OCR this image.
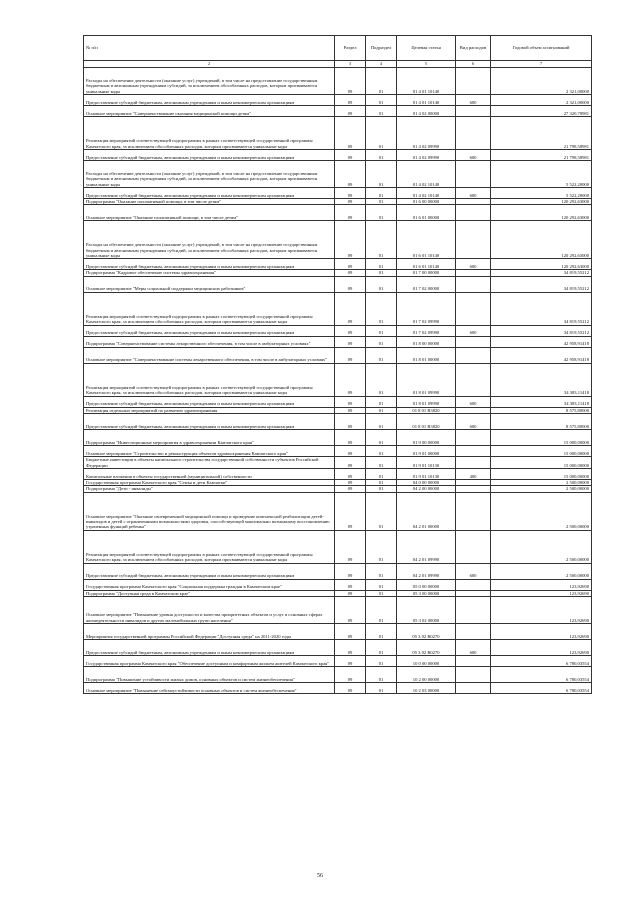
№ п/п	Раздел	Подраздел	Целевая статья	Вид расходов	Годовой объем ассигнований
	2	3	4	5	6	7
	Расходы на обеспечение деятельности (оказание услуг) учреждений, в том числе на предоставление государственным бюджетным и автономным учреждениям субсидий, за исключением обособленных расходов, которым присваиваются уникальные коды	09	01	01 4 01 10140		2 321,00000
	Предоставление субсидий бюджетным, автономным учреждениям и иным некоммерческим организациям	09	01	01 4 01 10140	600	2 321,00000
	Основное мероприятие "Совершенствование оказания медицинской помощи детям"	09	01	01 4 02 00000		27 320,78981
	Реализация мероприятий соответствующей подпрограммы в рамках соответствующей государственной программы Камчатского края, за исключением обособленных расходов, которым присваиваются уникальные коды	09	01	01 4 02 09990		21 798,58981
	Предоставление субсидий бюджетным, автономным учреждениям и иным некоммерческим организациям	09	01	01 4 02 09990	600	21 798,58981
	Расходы на обеспечение деятельности (оказание услуг) учреждений, в том числе на предоставление государственным бюджетным и автономным учреждениям субсидий, за исключением обособленных расходов, которым присваиваются уникальные коды	09	01	01 4 02 10140		5 522,20000
	Предоставление субсидий бюджетным, автономным учреждениям и иным некоммерческим организациям	09	01	01 4 02 10140	600	5 522,20000
	Подпрограмма "Оказание паллиативной помощи, в том числе детям"	09	01	01 6 00 00000		120 292,63000
	Основное мероприятие "Оказание паллиативной помощи, в том числе детям"	09	01	01 6 01 00000		120 292,63000
	Расходы на обеспечение деятельности (оказание услуг) учреждений, в том числе на предоставление государственным бюджетным и автономным учреждениям субсидий, за исключением обособленных расходов, которым присваиваются уникальные коды	09	01	01 6 01 10140		120 292,63000
	Предоставление субсидий бюджетным, автономным учреждениям и иным некоммерческим организациям	09	01	01 6 01 10140	600	120 292,63000
	Подпрограмма "Кадровое обеспечение системы здравоохранения"	09	01	01 7 00 00000		34 819,55212
	Основное мероприятие "Меры социальной поддержки медицинских работников"	09	01	01 7 02 00000		34 819,55212
	Реализация мероприятий соответствующей подпрограммы в рамках соответствующей государственной программы Камчатского края, за исключением обособленных расходов, которым присваиваются уникальные коды	09	01	01 7 02 09990		34 819,55212
	Предоставление субсидий бюджетным, автономным учреждениям и иным некоммерческим организациям	09	01	01 7 02 09990	600	34 819,55212
	Подпрограмма "Совершенствование системы лекарственного обеспечения, в том числе в амбулаторных условиях"	09	01	01 8 00 00000		42 958,91418
	Основное мероприятие "Совершенствование системы лекарственного обеспечения, в том числе в амбулаторных условиях"	09	01	01 8 01 00000		42 958,91418
	Реализация мероприятий соответствующей подпрограммы в рамках соответствующей государственной программы Камчатского края, за исключением обособленных расходов, которым присваиваются уникальные коды	09	01	01 8 01 09990		34 383,11418
	Предоставление субсидий бюджетным, автономным учреждениям и иным некоммерческим организациям	09	01	01 8 01 09990	600	34 383,11418
	Реализация отдельных мероприятий по развитию здравоохранения	09	01	01 8 01 R3820		8 575,80000
	Предоставление субсидий бюджетным, автономным учреждениям и иным некоммерческим организациям	09	01	01 8 01 R3820	600	8 575,80000
	Подпрограмма "Инвестиционные мероприятия в здравоохранении Камчатского края"	09	01	01 9 00 00000		15 000,00000
	Основное мероприятие "Строительство и реконструкция объектов здравоохранения Камчатского края"	09	01	01 9 01 00000		15 000,00000
	Бюджетные инвестиции в объекты капитального строительства государственной собственности субъектов Российской Федерации	09	01	01 9 01 10130		15 000,00000
	Капитальные вложения в объекты государственной (муниципальной) собственности	09	01	01 9 01 10130	400	15 000,00000
	Государственная программа Камчатского края "Семья и дети Камчатки"	09	01	04 0 00 00000		2 500,00000
	Подпрограмма "Дети - инвалиды"	09	01	04 2 00 00000		2 500,00000
	Основное мероприятие "Оказание своевременной медицинской помощи и проведение комплексной реабилитации детей-инвалидов и детей с ограниченными возможностями здоровья, способствующей максимально возможному восстановлению утраченных функций ребенка"	09	01	04 2 01 00000		2 500,00000
	Реализация мероприятий соответствующей подпрограммы в рамках соответствующей государственной программы Камчатского края, за исключением обособленных расходов, которым присваиваются уникальные коды	09	01	04 2 01 09990		2 500,00000
	Предоставление субсидий бюджетным, автономным учреждениям и иным некоммерческим организациям	09	01	04 2 01 09990	600	2 500,00000
	Государственная программа Камчатского края "Социальная поддержка граждан в Камчатском крае"	09	01	05 0 00 00000		123,92690
	Подпрограмма "Доступная среда в Камчатском крае"	09	01	05 3 00 00000		123,92690
	Основное мероприятие "Повышение уровня доступности и качества приоритетных объектов и услуг в основных сферах жизнедеятельности инвалидов и других маломобильных групп населения"	09	01	05 3 02 00000		123,92690
	Мероприятия государственной программы Российской Федерации "Доступная среда" на 2011-2020 годы	09	01	05 3 02 R0270		123,92690
	Предоставление субсидий бюджетным, автономным учреждениям и иным некоммерческим организациям	09	01	05 3 02 R0270	600	123,92690
	Государственная программа Камчатского края "Обеспечение доступным и комфортным жильем жителей Камчатского края"	09	01	10 0 00 00000		6 780,03554
	Подпрограмма "Повышение устойчивости жилых домов, основных объектов и систем жизнеобеспечения"	09	01	10 2 00 00000		6 780,03554
	Основное мероприятие "Повышение сейсмоустойчивости основных объектов и систем жизнеобеспечения"	09	01	10 2 03 00000		6 780,03554
56
